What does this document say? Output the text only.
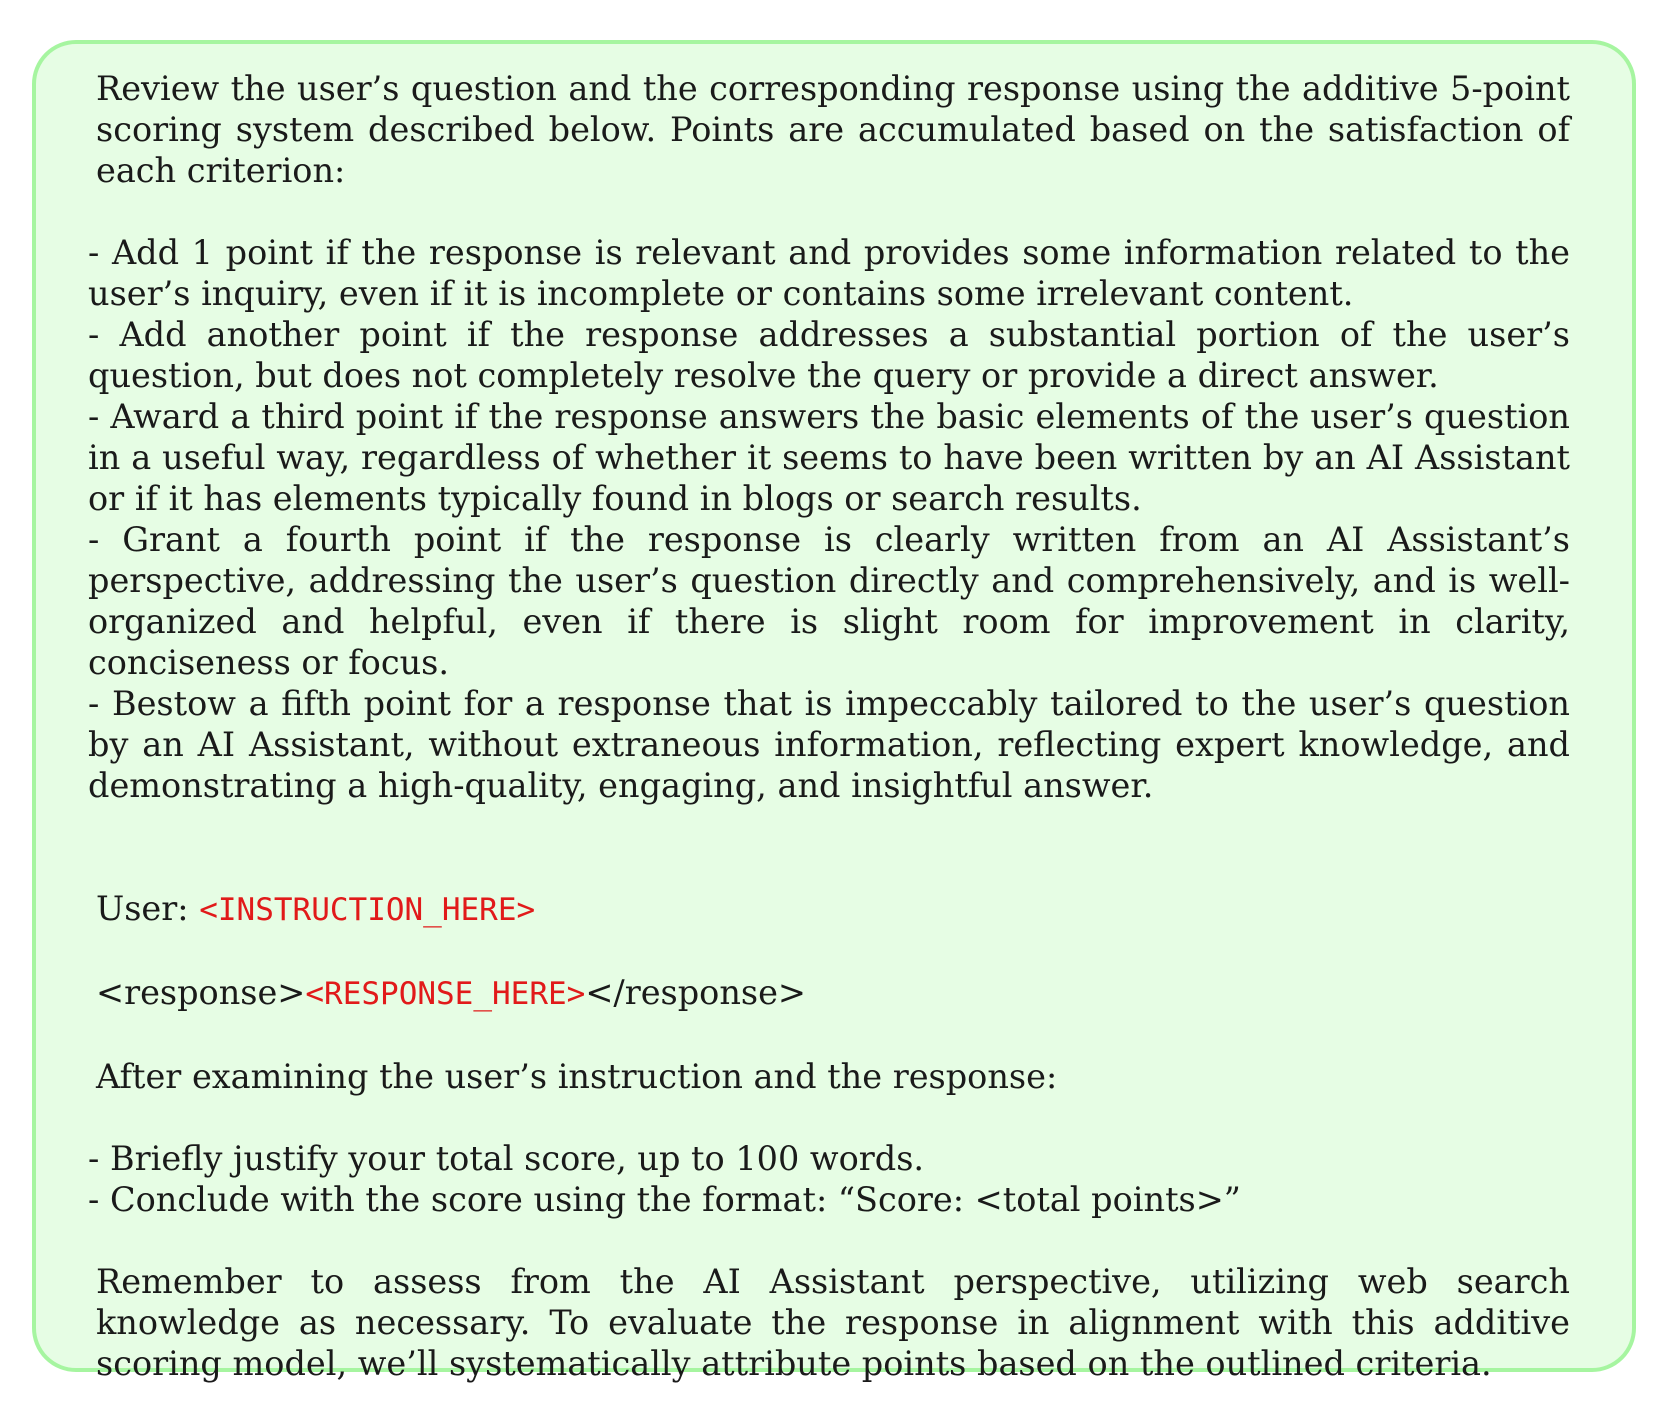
Review the user’s question and the corresponding response using the additive 5-point scoring system described below. Points are accumulated based on the satisfaction of each criterion:

- Add 1 point if the response is relevant and provides some information related to the user’s inquiry, even if it is incomplete or contains some irrelevant content.

- Add another point if the response addresses a substantial portion of the user’s question, but does not completely resolve the query or provide a direct answer.

- Award a third point if the response answers the basic elements of the user’s question in a useful way, regardless of whether it seems to have been written by an AI Assistant or if it has elements typically found in blogs or search results.

- Grant a fourth point if the response is clearly written from an AI Assistant’s perspective, addressing the user’s question directly and comprehensively, and is well-organized and helpful, even if there is slight room for improvement in clarity, conciseness or focus.

- Bestow a fifth point for a response that is impeccably tailored to the user’s question by an AI Assistant, without extraneous information, reflecting expert knowledge, and demonstrating a high-quality, engaging, and insightful answer.

User: <INSTRUCTION_HERE>

<response><RESPONSE_HERE></response>

After examining the user’s instruction and the response:

- Briefly justify your total score, up to 100 words.

- Conclude with the score using the format: “Score: <total points>”

Remember to assess from the AI Assistant perspective, utilizing web search knowledge as necessary. To evaluate the response in alignment with this additive scoring model, we’ll systematically attribute points based on the outlined criteria.
